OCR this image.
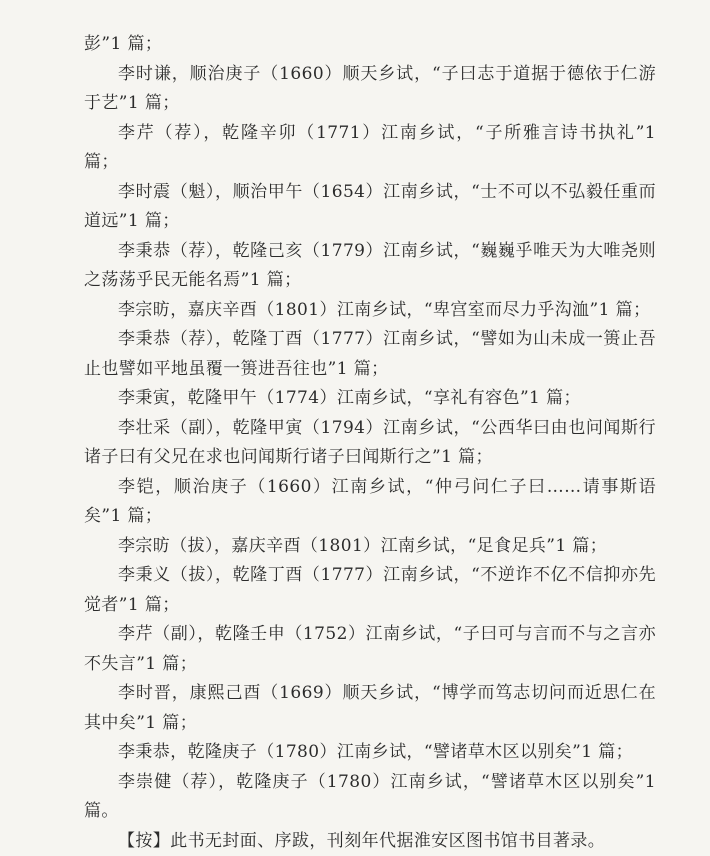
彭”1 篇；

李时谦，顺治庚子（1660）顺天乡试，“子曰志于道据于德依于仁游于艺”1 篇；

李芹（荐），乾隆辛卯（1771）江南乡试，“子所雅言诗书执礼”1 篇；

李时震（魁），顺治甲午（1654）江南乡试，“士不可以不弘毅任重而道远”1 篇；

李秉恭（荐），乾隆己亥（1779）江南乡试，“巍巍乎唯天为大唯尧则之荡荡乎民无能名焉”1 篇；

李宗昉，嘉庆辛酉（1801）江南乡试，“卑宫室而尽力乎沟洫”1 篇；

李秉恭（荐），乾隆丁酉（1777）江南乡试，“譬如为山未成一篑止吾止也譬如平地虽覆一篑进吾往也”1 篇；

李秉寅，乾隆甲午（1774）江南乡试，“享礼有容色”1 篇；

李壮采（副），乾隆甲寅（1794）江南乡试，“公西华曰由也问闻斯行诸子曰有父兄在求也问闻斯行诸子曰闻斯行之”1 篇；

李铠，顺治庚子（1660）江南乡试，“仲弓问仁子曰……请事斯语矣”1 篇；

李宗昉（拔），嘉庆辛酉（1801）江南乡试，“足食足兵”1 篇；

李秉义（拔），乾隆丁酉（1777）江南乡试，“不逆诈不亿不信抑亦先觉者”1 篇；

李芹（副），乾隆壬申（1752）江南乡试，“子曰可与言而不与之言亦不失言”1 篇；

李时晋，康熙己酉（1669）顺天乡试，“博学而笃志切问而近思仁在其中矣”1 篇；

李秉恭，乾隆庚子（1780）江南乡试，“譬诸草木区以别矣”1 篇；

李崇健（荐），乾隆庚子（1780）江南乡试，“譬诸草木区以别矣”1 篇。

【按】此书无封面、序跋，刊刻年代据淮安区图书馆书目著录。
